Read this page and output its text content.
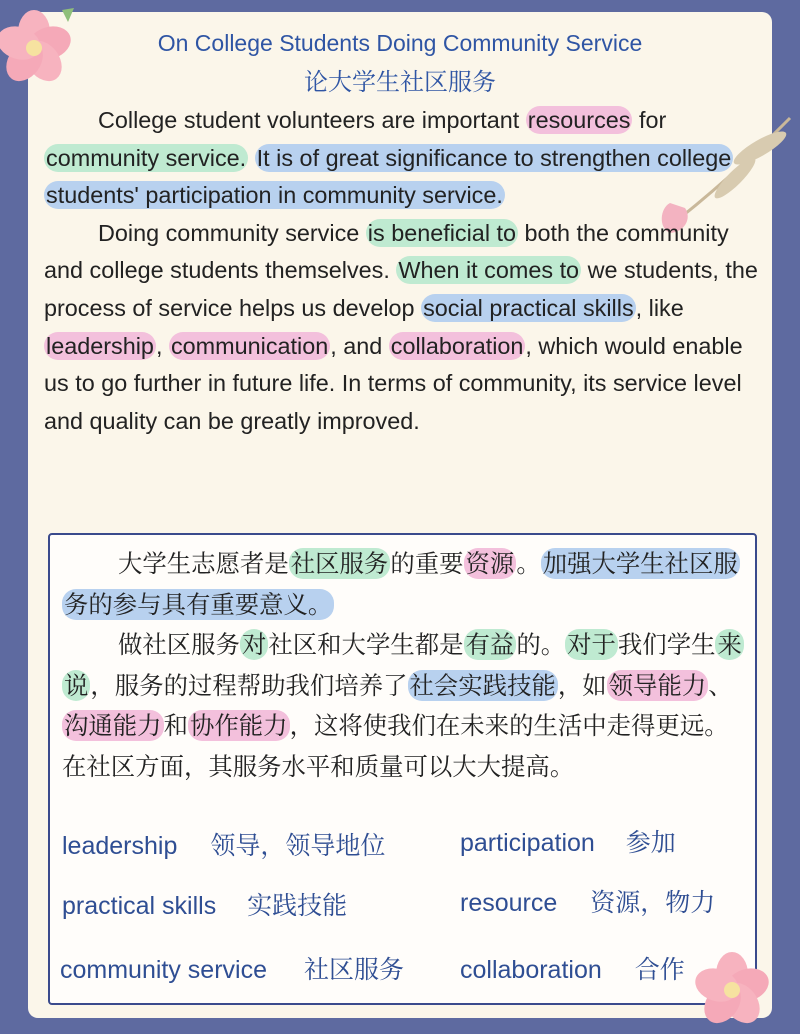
On College Students Doing Community Service
论大学生社区服务

College student volunteers are important resources for community service. It is of great significance to strengthen college students' participation in community service.

Doing community service is beneficial to both the community and college students themselves. When it comes to we students, the process of service helps us develop social practical skills, like leadership, communication, and collaboration, which would enable us to go further in future life. In terms of community, its service level and quality can be greatly improved.

大学生志愿者是社区服务的重要资源。加强大学生社区服务的参与具有重要意义。

做社区服务对社区和大学生都是有益的。对于我们学生来说，服务的过程帮助我们培养了社会实践技能，如领导能力、沟通能力和协作能力，这将使我们在未来的生活中走得更远。在社区方面，其服务水平和质量可以大大提高。

leadership 领导，领导地位	participation 参加
practical skills 实践技能	resource 资源，物力
community service 社区服务 collaboration 合作
